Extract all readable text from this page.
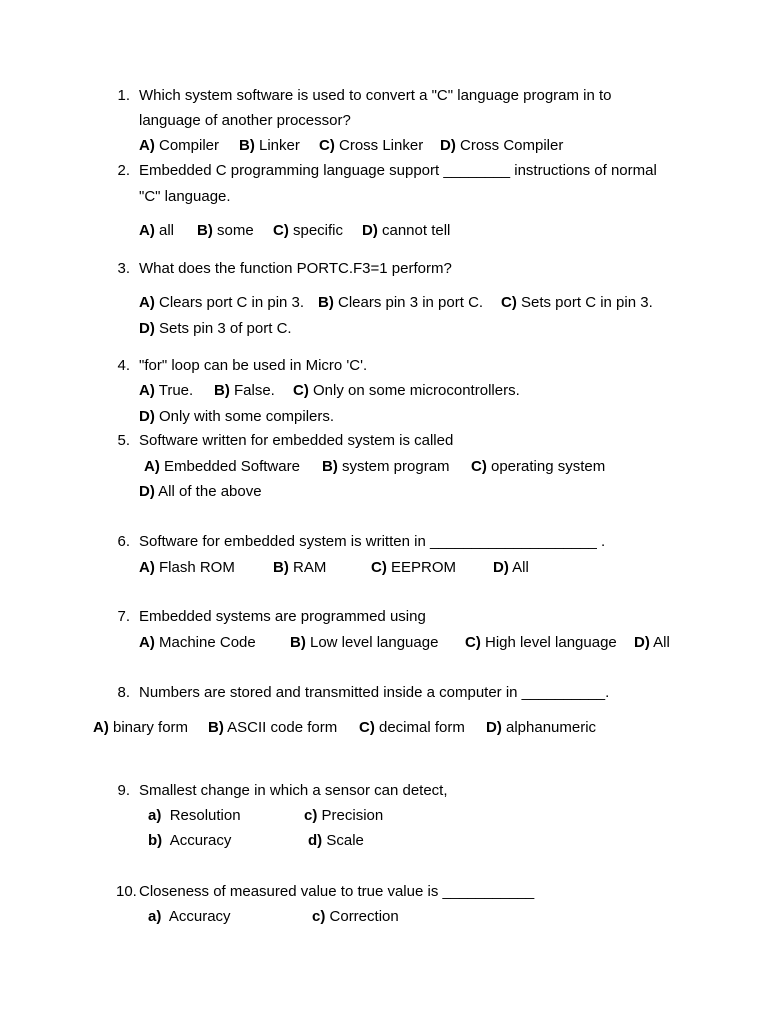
1. Which system software is used to convert a "C" language program in to
language of another processor?
A) Compiler B) Linker C) Cross Linker D) Cross Compiler
2. Embedded C programming language support ________ instructions of normal
"C" language.
A) all B) some C) specific D) cannot tell
3. What does the function PORTC.F3=1 perform?
A) Clears port C in pin 3. B) Clears pin 3 in port C. C) Sets port C in pin 3.
D) Sets pin 3 of port C.
4. "for" loop can be used in Micro 'C'.
A) True. B) False. C) Only on some microcontrollers.
D) Only with some compilers.
5. Software written for embedded system is called
A) Embedded Software B) system program C) operating system
D) All of the above
6. Software for embedded system is written in ____________________ .
A) Flash ROM	B) RAM	C) EEPROM D) All
7. Embedded systems are programmed using
A) Machine Code B) Low level language C) High level language D) All
8. Numbers are stored and transmitted inside a computer in __________.
A) binary form B) ASCII code form C) decimal form D) alphanumeric
9. Smallest change in which a sensor can detect,
a) Resolution	c) Precision
b) Accuracy	d) Scale
10. Closeness of measured value to true value is ___________
a) Accuracy	c) Correction
